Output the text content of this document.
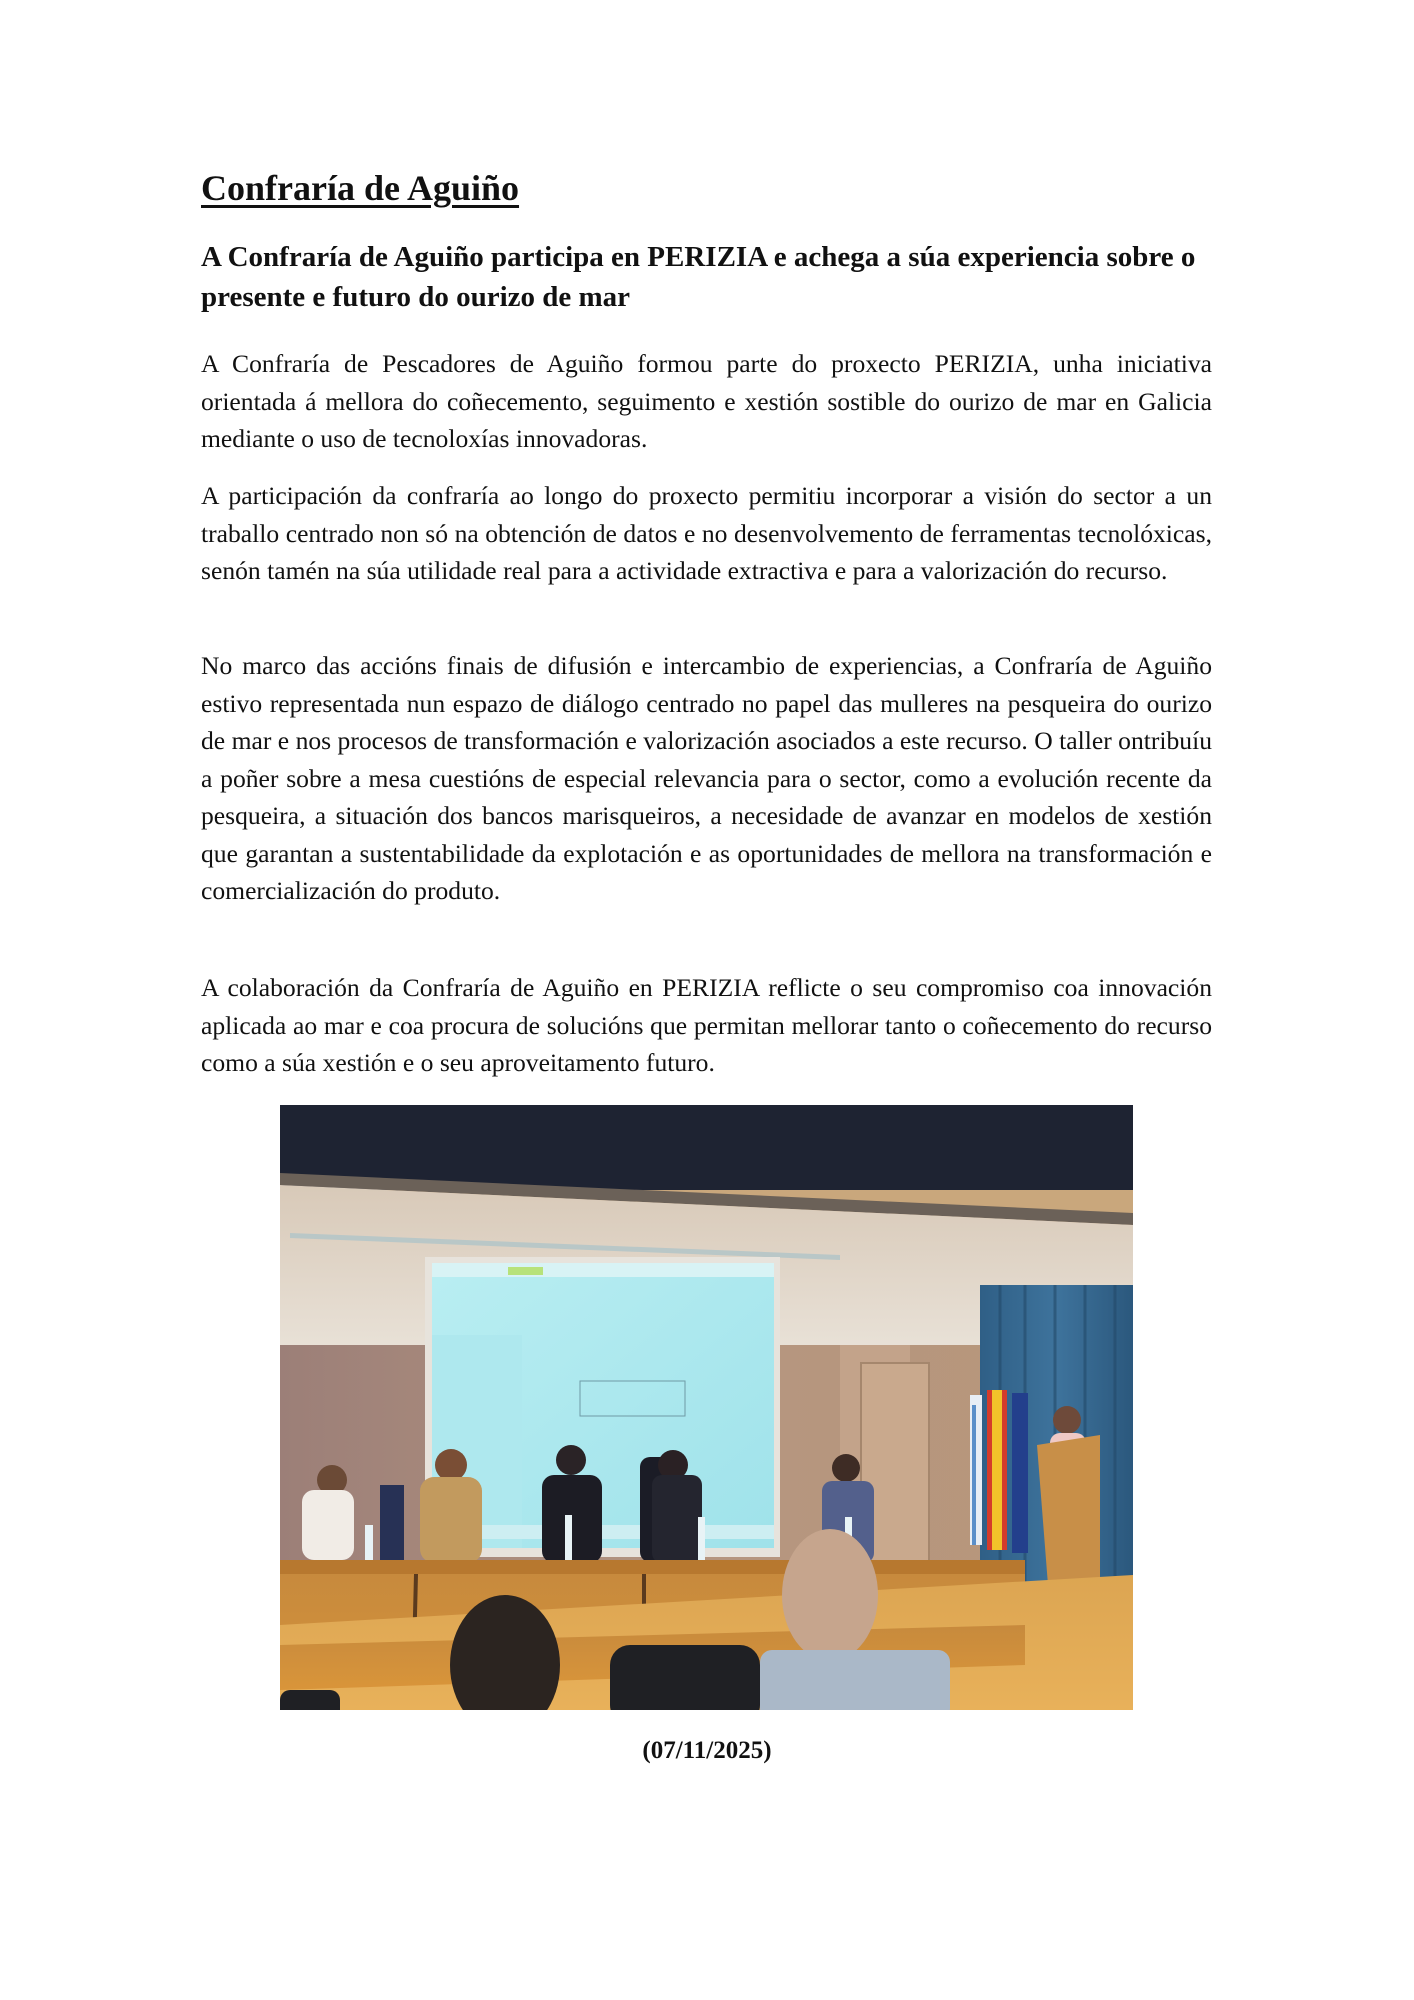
Confraría de Aguiño
A Confraría de Aguiño participa en PERIZIA e achega a súa experiencia sobre o presente e futuro do ourizo de mar

A Confraría de Pescadores de Aguiño formou parte do proxecto PERIZIA, unha iniciativa orientada á mellora do coñecemento, seguimento e xestión sostible do ourizo de mar en Galicia mediante o uso de tecnoloxías innovadoras.

A participación da confraría ao longo do proxecto permitiu incorporar a visión do sector a un traballo centrado non só na obtención de datos e no desenvolvemento de ferramentas tecnolóxicas, senón tamén na súa utilidade real para a actividade extractiva e para a valorización do recurso.

No marco das accións finais de difusión e intercambio de experiencias, a Confraría de Aguiño estivo representada nun espazo de diálogo centrado no papel das mulleres na pesqueira do ourizo de mar e nos procesos de transformación e valorización asociados a este recurso. O taller ontribuíu a poñer sobre a mesa cuestións de especial relevancia para o sector, como a evolución recente da pesqueira, a situación dos bancos marisqueiros, a necesidade de avanzar en modelos de xestión que garantan a sustentabilidade da explotación e as oportunidades de mellora na transformación e comercialización do produto.

A colaboración da Confraría de Aguiño en PERIZIA reflicte o seu compromiso coa innovación aplicada ao mar e coa procura de solucións que permitan mellorar tanto o coñecemento do recurso como a súa xestión e o seu aproveitamento futuro.

(07/11/2025)
